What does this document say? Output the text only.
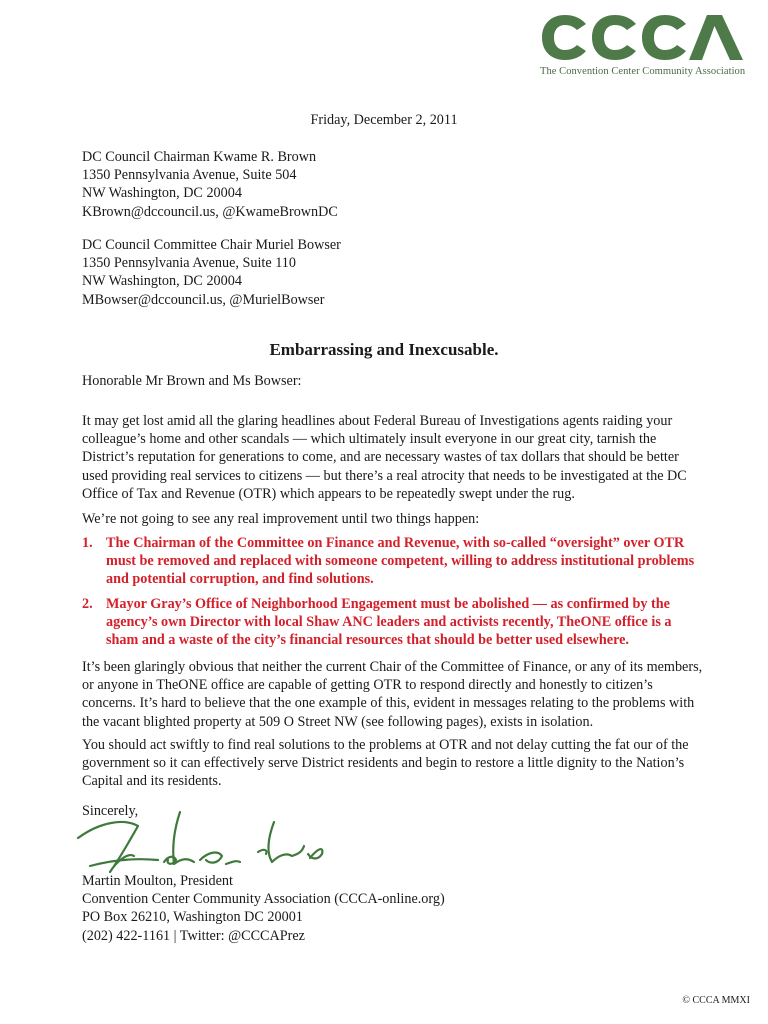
The Convention Center Community Association
Friday, December 2, 2011
DC Council Chairman Kwame R. Brown
1350 Pennsylvania Avenue, Suite 504
NW Washington, DC 20004
KBrown@dccouncil.us, @KwameBrownDC
DC Council Committee Chair Muriel Bowser
1350 Pennsylvania Avenue, Suite 110
NW Washington, DC 20004
MBowser@dccouncil.us, @MurielBowser
Embarrassing and Inexcusable.

Honorable Mr Brown and Ms Bowser:

It may get lost amid all the glaring headlines about Federal Bureau of Investigations agents raiding your colleague’s home and other scandals — which ultimately insult everyone in our great city, tarnish the District’s reputation for generations to come, and are necessary wastes of tax dollars that should be better used providing real services to citizens — but there’s a real atrocity that needs to be investigated at the DC Office of Tax and Revenue (OTR) which appears to be repeatedly swept under the rug.

We’re not going to see any real improvement until two things happen:

1. The Chairman of the Committee on Finance and Revenue, with so-called “oversight” over OTR must be removed and replaced with someone competent, willing to address institutional problems and potential corruption, and find solutions.
2. Mayor Gray’s Office of Neighborhood Engagement must be abolished — as confirmed by the agency’s own Director with local Shaw ANC leaders and activists recently, TheONE office is a sham and a waste of the city’s financial resources that should be better used elsewhere.

It’s been glaringly obvious that neither the current Chair of the Committee of Finance, or any of its members, or anyone in TheONE office are capable of getting OTR to respond directly and honestly to citizen’s concerns. It’s hard to believe that the one example of this, evident in messages relating to the problems with the vacant blighted property at 509 O Street NW (see following pages), exists in isolation.

You should act swiftly to find real solutions to the problems at OTR and not delay cutting the fat our of the government so it can effectively serve District residents and begin to restore a little dignity to the Nation’s Capital and its residents.

Sincerely,

Martin Moulton, President
Convention Center Community Association (CCCA-online.org)
PO Box 26210, Washington DC 20001
(202) 422-1161 | Twitter: @CCCAPrez
© CCCA MMXI
